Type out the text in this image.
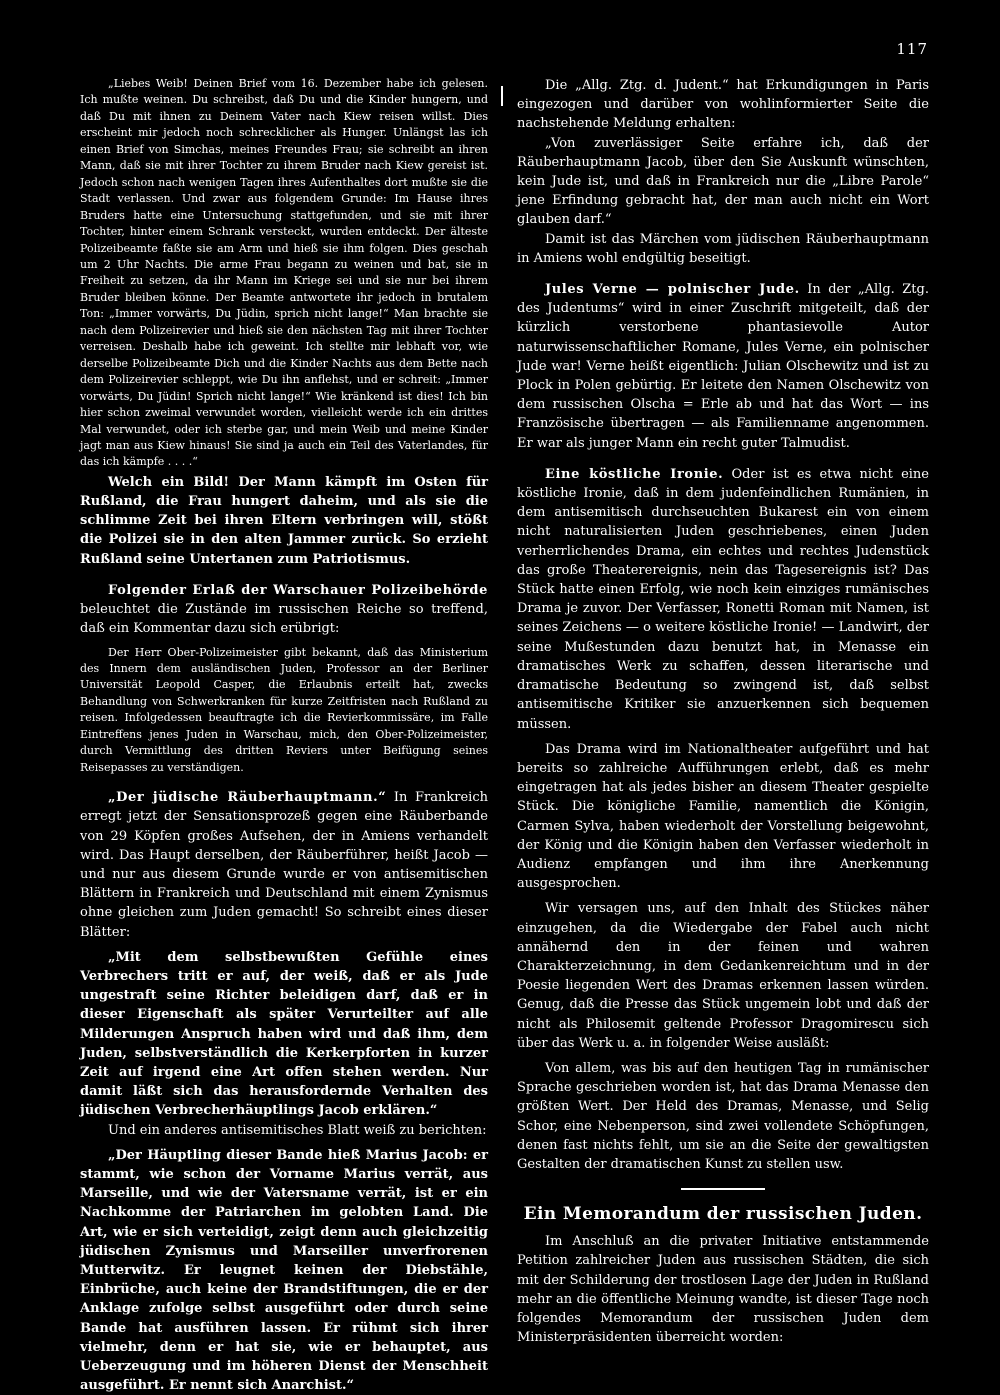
117

„Liebes Weib! Deinen Brief vom 16. Dezember habe ich gelesen. Ich mußte weinen. Du schreibst, daß Du und die Kinder hungern, und daß Du mit ihnen zu Deinem Vater nach Kiew reisen willst. Dies erscheint mir jedoch noch schrecklicher als Hunger. Unlängst las ich einen Brief von Simchas, meines Freundes Frau; sie schreibt an ihren Mann, daß sie mit ihrer Tochter zu ihrem Bruder nach Kiew gereist ist. Jedoch schon nach wenigen Tagen ihres Aufenthaltes dort mußte sie die Stadt verlassen. Und zwar aus folgendem Grunde: Im Hause ihres Bruders hatte eine Untersuchung stattgefunden, und sie mit ihrer Tochter, hinter einem Schrank versteckt, wurden entdeckt. Der älteste Polizeibeamte faßte sie am Arm und hieß sie ihm folgen. Dies geschah um 2 Uhr Nachts. Die arme Frau begann zu weinen und bat, sie in Freiheit zu setzen, da ihr Mann im Kriege sei und sie nur bei ihrem Bruder bleiben könne. Der Beamte antwortete ihr jedoch in brutalem Ton: „Immer vorwärts, Du Jüdin, sprich nicht lange!“ Man brachte sie nach dem Polizeirevier und hieß sie den nächsten Tag mit ihrer Tochter verreisen. Deshalb habe ich geweint. Ich stellte mir lebhaft vor, wie derselbe Polizeibeamte Dich und die Kinder Nachts aus dem Bette nach dem Polizeirevier schleppt, wie Du ihn anflehst, und er schreit: „Immer vorwärts, Du Jüdin! Sprich nicht lange!“ Wie kränkend ist dies! Ich bin hier schon zweimal verwundet worden, vielleicht werde ich ein drittes Mal verwundet, oder ich sterbe gar, und mein Weib und meine Kinder jagt man aus Kiew hinaus! Sie sind ja auch ein Teil des Vaterlandes, für das ich kämpfe . . . .“

Welch ein Bild! Der Mann kämpft im Osten für Rußland, die Frau hungert daheim, und als sie die schlimme Zeit bei ihren Eltern verbringen will, stößt die Polizei sie in den alten Jammer zurück. So erzieht Rußland seine Untertanen zum Patriotismus.

Folgender Erlaß der Warschauer Polizeibehörde beleuchtet die Zustände im russischen Reiche so treffend, daß ein Kommentar dazu sich erübrigt:

Der Herr Ober-Polizeimeister gibt bekannt, daß das Ministerium des Innern dem ausländischen Juden, Professor an der Berliner Universität Leopold Casper, die Erlaubnis erteilt hat, zwecks Behandlung von Schwerkranken für kurze Zeitfristen nach Rußland zu reisen. Infolgedessen beauftragte ich die Revierkommissäre, im Falle Eintreffens jenes Juden in Warschau, mich, den Ober-Polizeimeister, durch Vermittlung des dritten Reviers unter Beifügung seines Reisepasses zu verständigen.

„Der jüdische Räuberhauptmann.“ In Frankreich erregt jetzt der Sensationsprozeß gegen eine Räuberbande von 29 Köpfen großes Aufsehen, der in Amiens verhandelt wird. Das Haupt derselben, der Räuberführer, heißt Jacob — und nur aus diesem Grunde wurde er von antisemitischen Blättern in Frankreich und Deutschland mit einem Zynismus ohne gleichen zum Juden gemacht! So schreibt eines dieser Blätter:

„Mit dem selbstbewußten Gefühle eines Verbrechers tritt er auf, der weiß, daß er als Jude ungestraft seine Richter beleidigen darf, daß er in dieser Eigenschaft als später Verurteilter auf alle Milderungen Anspruch haben wird und daß ihm, dem Juden, selbstverständlich die Kerkerpforten in kurzer Zeit auf irgend eine Art offen stehen werden. Nur damit läßt sich das herausfordernde Verhalten des jüdischen Verbrecherhäuptlings Jacob erklären.“

Und ein anderes antisemitisches Blatt weiß zu berichten:

„Der Häuptling dieser Bande hieß Marius Jacob: er stammt, wie schon der Vorname Marius verrät, aus Marseille, und wie der Vatersname verrät, ist er ein Nachkomme der Patriarchen im gelobten Land. Die Art, wie er sich verteidigt, zeigt denn auch gleichzeitig jüdischen Zynismus und Marseiller unverfrorenen Mutterwitz. Er leugnet keinen der Diebstähle, Einbrüche, auch keine der Brandstiftungen, die er der Anklage zufolge selbst ausgeführt oder durch seine Bande hat ausführen lassen. Er rühmt sich ihrer vielmehr, denn er hat sie, wie er behauptet, aus Ueberzeugung und im höheren Dienst der Menschheit ausgeführt. Er nennt sich Anarchist.“

Die „Allg. Ztg. d. Judent.“ hat Erkundigungen in Paris eingezogen und darüber von wohlinformierter Seite die nachstehende Meldung erhalten:

„Von zuverlässiger Seite erfahre ich, daß der Räuberhauptmann Jacob, über den Sie Auskunft wünschten, kein Jude ist, und daß in Frankreich nur die „Libre Parole“ jene Erfindung gebracht hat, der man auch nicht ein Wort glauben darf.“

Damit ist das Märchen vom jüdischen Räuberhauptmann in Amiens wohl endgültig beseitigt.

Jules Verne — polnischer Jude. In der „Allg. Ztg. des Judentums“ wird in einer Zuschrift mitgeteilt, daß der kürzlich verstorbene phantasievolle Autor naturwissenschaftlicher Romane, Jules Verne, ein polnischer Jude war! Verne heißt eigentlich: Julian Olschewitz und ist zu Plock in Polen gebürtig. Er leitete den Namen Olschewitz von dem russischen Olscha = Erle ab und hat das Wort — ins Französische übertragen — als Familienname angenommen. Er war als junger Mann ein recht guter Talmudist.

Eine köstliche Ironie. Oder ist es etwa nicht eine köstliche Ironie, daß in dem judenfeindlichen Rumänien, in dem antisemitisch durchseuchten Bukarest ein von einem nicht naturalisierten Juden geschriebenes, einen Juden verherrlichendes Drama, ein echtes und rechtes Judenstück das große Theaterereignis, nein das Tagesereignis ist? Das Stück hatte einen Erfolg, wie noch kein einziges rumänisches Drama je zuvor. Der Verfasser, Ronetti Roman mit Namen, ist seines Zeichens — o weitere köstliche Ironie! — Landwirt, der seine Mußestunden dazu benutzt hat, in Menasse ein dramatisches Werk zu schaffen, dessen literarische und dramatische Bedeutung so zwingend ist, daß selbst antisemitische Kritiker sie anzuerkennen sich bequemen müssen.

Das Drama wird im Nationaltheater aufgeführt und hat bereits so zahlreiche Aufführungen erlebt, daß es mehr eingetragen hat als jedes bisher an diesem Theater gespielte Stück. Die königliche Familie, namentlich die Königin, Carmen Sylva, haben wiederholt der Vorstellung beigewohnt, der König und die Königin haben den Verfasser wiederholt in Audienz empfangen und ihm ihre Anerkennung ausgesprochen.

Wir versagen uns, auf den Inhalt des Stückes näher einzugehen, da die Wiedergabe der Fabel auch nicht annähernd den in der feinen und wahren Charakterzeichnung, in dem Gedankenreichtum und in der Poesie liegenden Wert des Dramas erkennen lassen würden. Genug, daß die Presse das Stück ungemein lobt und daß der nicht als Philosemit geltende Professor Dragomirescu sich über das Werk u. a. in folgender Weise ausläßt:

Von allem, was bis auf den heutigen Tag in rumänischer Sprache geschrieben worden ist, hat das Drama Menasse den größten Wert. Der Held des Dramas, Menasse, und Selig Schor, eine Nebenperson, sind zwei vollendete Schöpfungen, denen fast nichts fehlt, um sie an die Seite der gewaltigsten Gestalten der dramatischen Kunst zu stellen usw.

Ein Memorandum der russischen Juden.

Im Anschluß an die privater Initiative entstammende Petition zahlreicher Juden aus russischen Städten, die sich mit der Schilderung der trostlosen Lage der Juden in Rußland mehr an die öffentliche Meinung wandte, ist dieser Tage noch folgendes Memorandum der russischen Juden dem Ministerpräsidenten überreicht worden:
